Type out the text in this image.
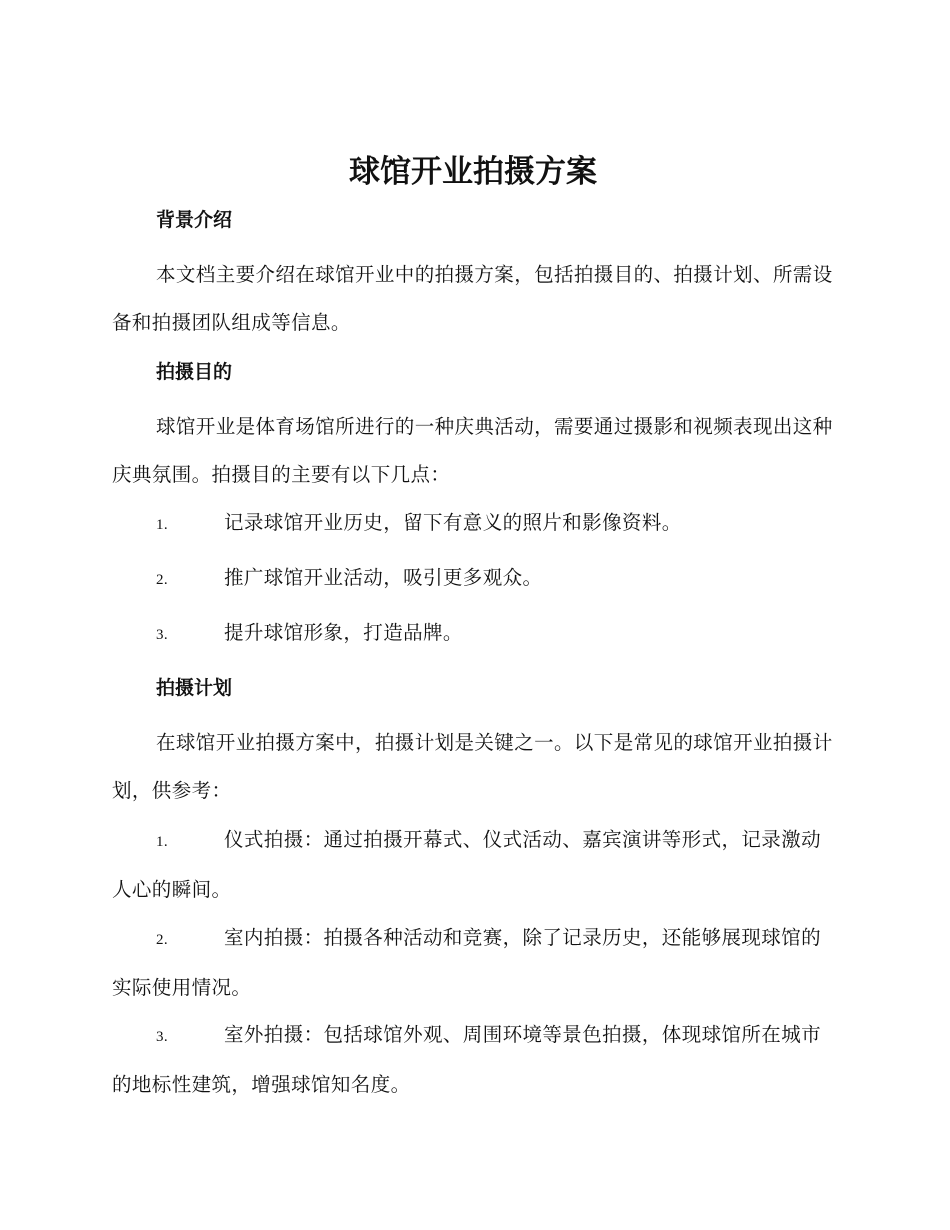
球馆开业拍摄方案
背景介绍

本文档主要介绍在球馆开业中的拍摄方案，包括拍摄目的、拍摄计划、所需设备和拍摄团队组成等信息。

拍摄目的

球馆开业是体育场馆所进行的一种庆典活动，需要通过摄影和视频表现出这种庆典氛围。拍摄目的主要有以下几点：

1.	记录球馆开业历史，留下有意义的照片和影像资料。

2.	推广球馆开业活动，吸引更多观众。

3.	提升球馆形象，打造品牌。

拍摄计划

在球馆开业拍摄方案中，拍摄计划是关键之一。以下是常见的球馆开业拍摄计划，供参考：

1.	仪式拍摄：通过拍摄开幕式、仪式活动、嘉宾演讲等形式，记录激动人心的瞬间。

2.	室内拍摄：拍摄各种活动和竞赛，除了记录历史，还能够展现球馆的实际使用情况。

3.	室外拍摄：包括球馆外观、周围环境等景色拍摄，体现球馆所在城市的地标性建筑，增强球馆知名度。
